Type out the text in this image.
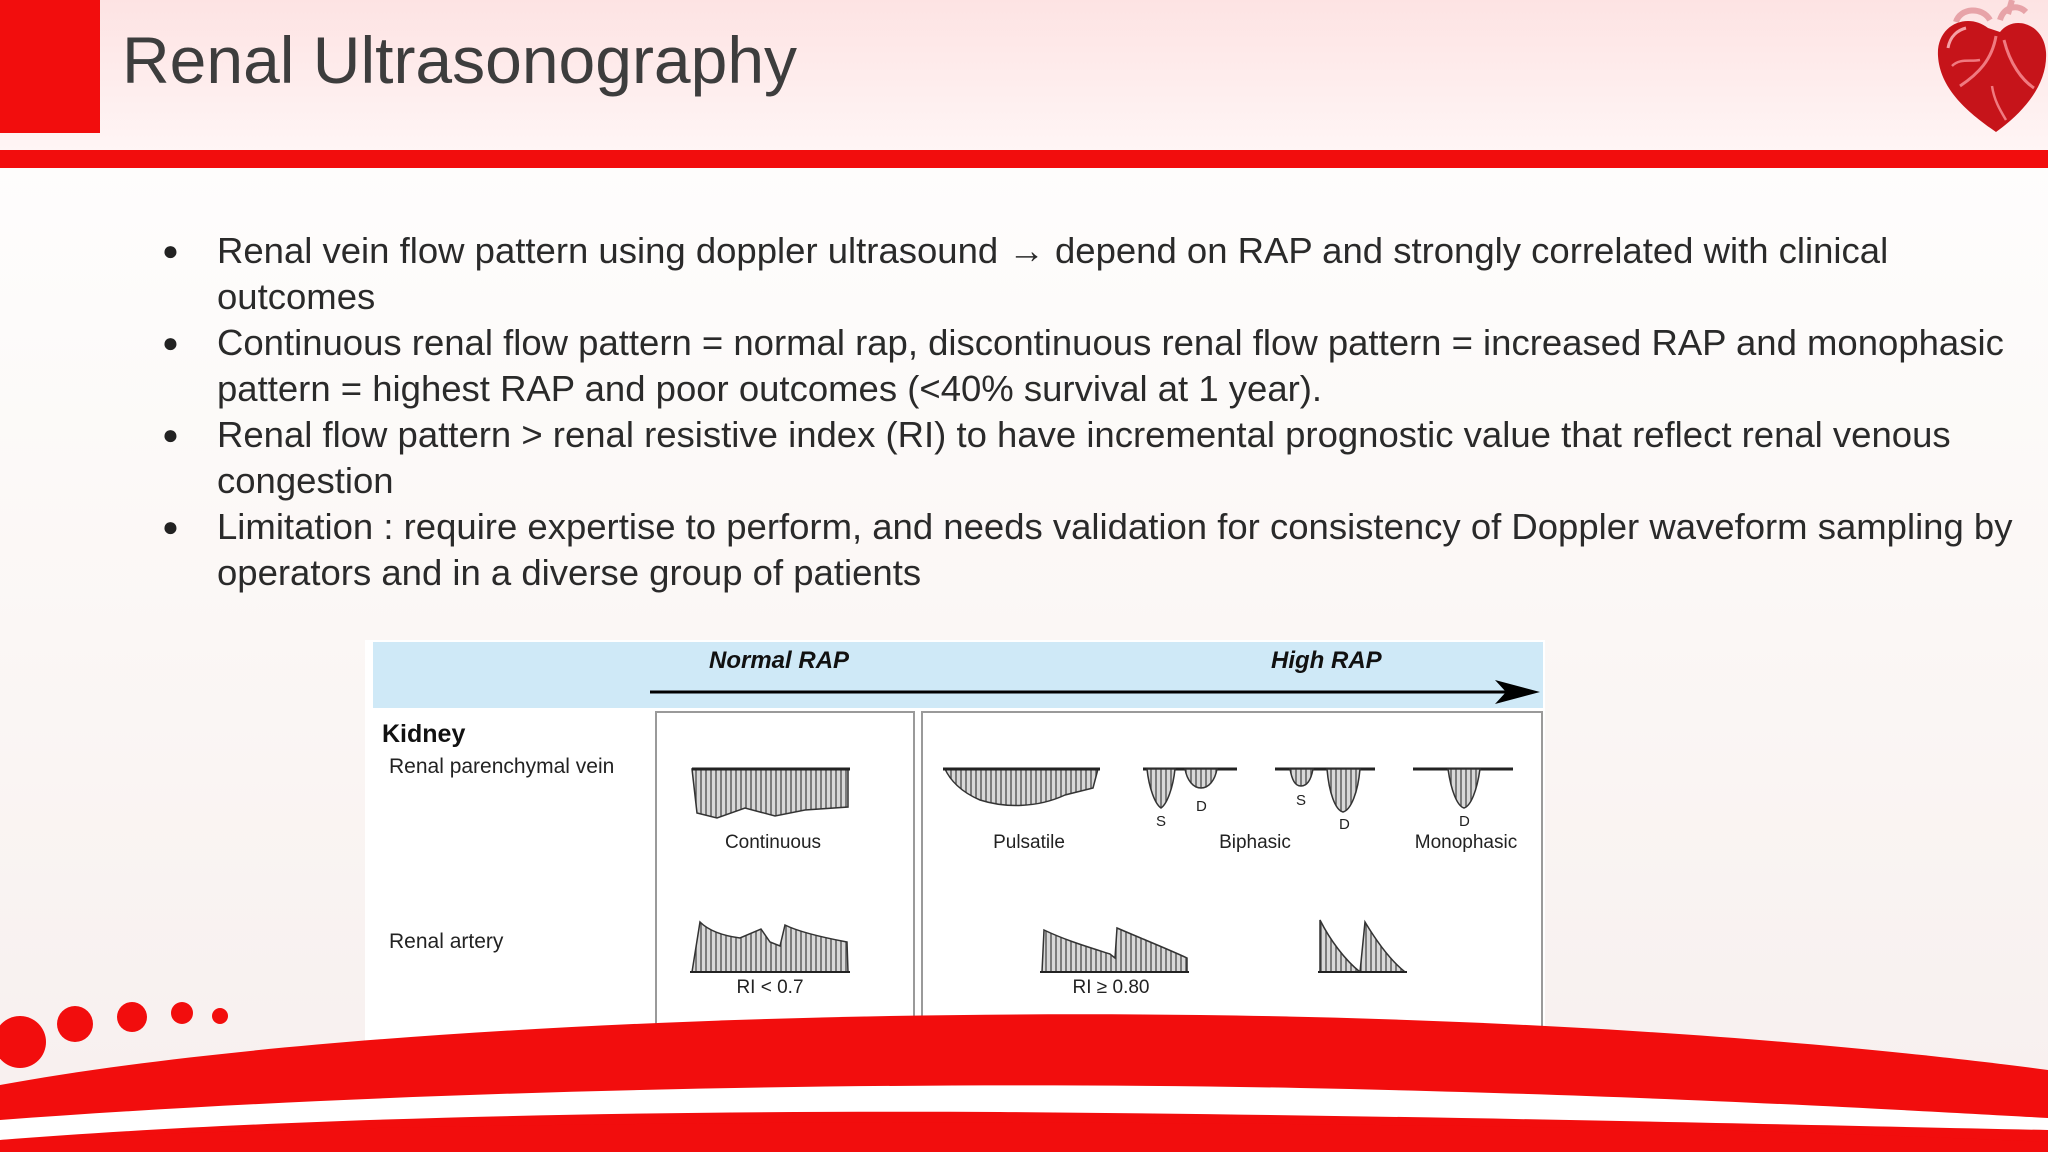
Renal Ultrasonography
● Renal vein flow pattern using doppler ultrasound → depend on RAP and strongly correlated with clinical outcomes
● Continuous renal flow pattern = normal rap, discontinuous renal flow pattern = increased RAP and monophasic pattern = highest RAP and poor outcomes (<40% survival at 1 year).
● Renal flow pattern > renal resistive index (RI) to have incremental prognostic value that reflect renal venous congestion
● Limitation : require expertise to perform, and needs validation for consistency of Doppler waveform sampling by operators and in a diverse group of patients
Normal RAP	High RAP
Kidney
Renal parenchymal vein
Renal artery
S
D	S
D	D
Continuous	Pulsatile	Biphasic	Monophasic
RI < 0.7	RI ≥ 0.80
